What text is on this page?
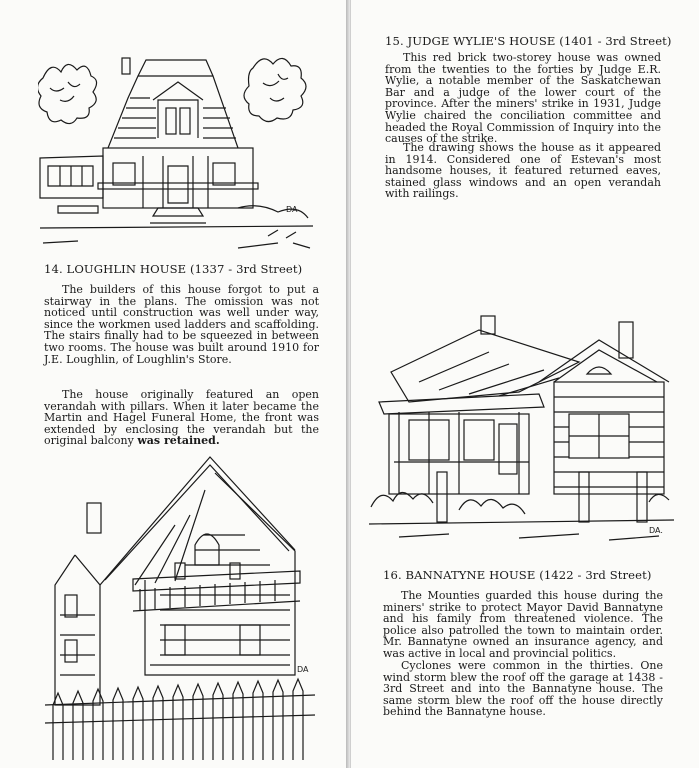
DA
14. LOUGHLIN HOUSE (1337 - 3rd Street)

The builders of this house forgot to put a stairway in the plans. The omission was not noticed until construction was well under way, since the workmen used ladders and scaffolding. The stairs finally had to be squeezed in between two rooms. The house was built around 1910 for J.E. Loughlin, of Loughlin's Store.

The house originally featured an open verandah with pillars. When it later became the Martin and Hagel Funeral Home, the front was extended by enclosing the verandah but the original balcony was retained.

DA
15. JUDGE WYLIE'S HOUSE (1401 - 3rd Street)

This red brick two-storey house was owned from the twenties to the forties by Judge E.R. Wylie, a notable member of the Saskatchewan Bar and a judge of the lower court of the province. After the miners' strike in 1931, Judge Wylie chaired the conciliation committee and headed the Royal Commission of Inquiry into the causes of the strike.

The drawing shows the house as it appeared in 1914. Considered one of Estevan's most handsome houses, it featured returned eaves, stained glass windows and an open verandah with railings.

DA.
16. BANNATYNE HOUSE (1422 - 3rd Street)

The Mounties guarded this house during the miners' strike to protect Mayor David Bannatyne and his family from threatened violence. The police also patrolled the town to maintain order. Mr. Bannatyne owned an insurance agency, and was active in local and provincial politics.

Cyclones were common in the thirties. One wind storm blew the roof off the garage at 1438 - 3rd Street and into the Bannatyne house. The same storm blew the roof off the house directly behind the Bannatyne house.
